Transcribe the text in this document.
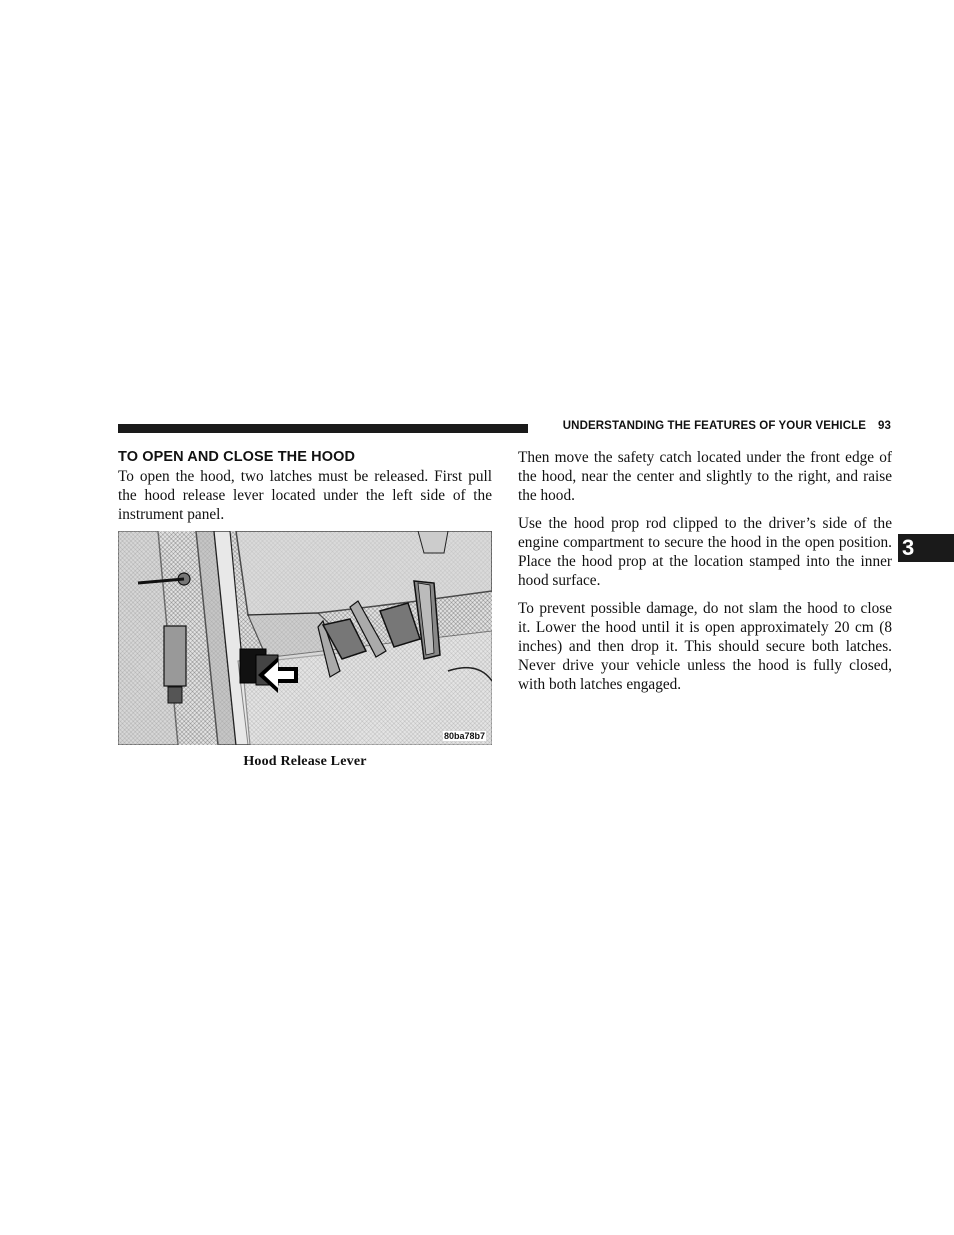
UNDERSTANDING THE FEATURES OF YOUR VEHICLE 93
3
TO OPEN AND CLOSE THE HOOD

To open the hood, two latches must be released. First pull the hood release lever located under the left side of the instrument panel.

80ba78b7
Hood Release Lever

Then move the safety catch located under the front edge of the hood, near the center and slightly to the right, and raise the hood.

Use the hood prop rod clipped to the driver’s side of the engine compartment to secure the hood in the open position. Place the hood prop at the location stamped into the inner hood surface.

To prevent possible damage, do not slam the hood to close it. Lower the hood until it is open approximately 20 cm (8 inches) and then drop it. This should secure both latches. Never drive your vehicle unless the hood is fully closed, with both latches engaged.
